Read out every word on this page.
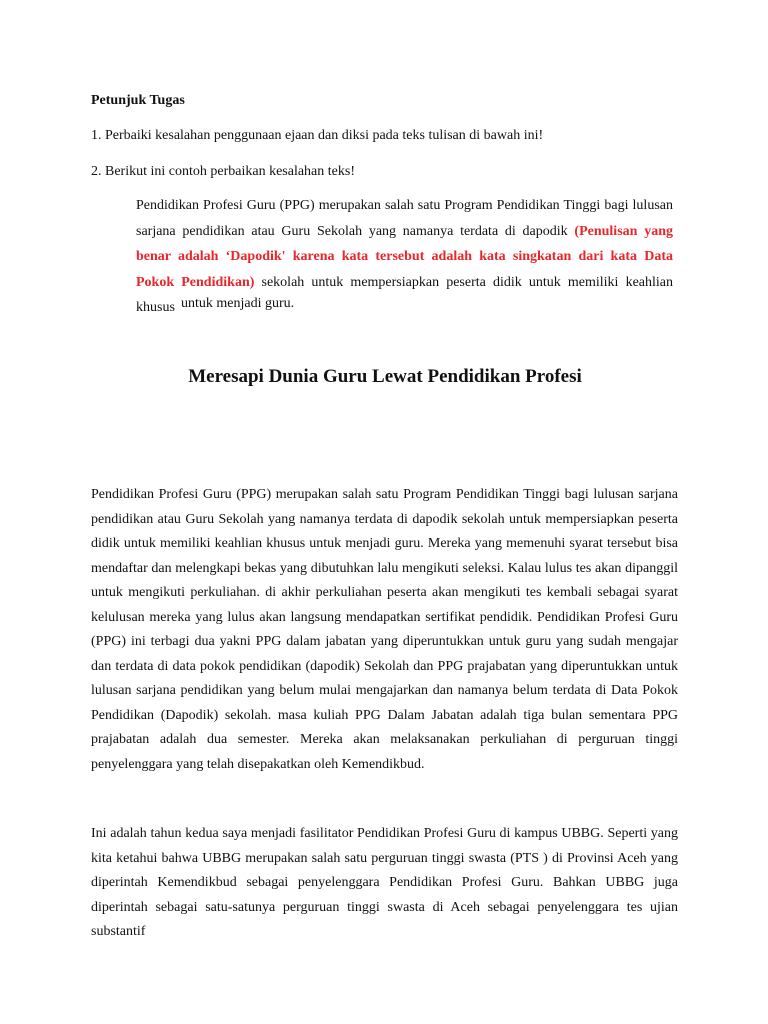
Petunjuk Tugas
1. Perbaiki kesalahan penggunaan ejaan dan diksi pada teks tulisan di bawah ini!
2. Berikut ini contoh perbaikan kesalahan teks!
Pendidikan Profesi Guru (PPG) merupakan salah satu Program Pendidikan Tinggi bagi lulusan sarjana pendidikan atau Guru Sekolah yang namanya terdata di dapodik (Penulisan yang benar adalah ‘Dapodik' karena kata tersebut adalah kata singkatan dari kata Data Pokok Pendidikan) sekolah untuk mempersiapkan peserta didik untuk memiliki keahlian khusus untuk menjadi guru.
Meresapi Dunia Guru Lewat Pendidikan Profesi
Pendidikan Profesi Guru (PPG) merupakan salah satu Program Pendidikan Tinggi bagi lulusan sarjana pendidikan atau Guru Sekolah yang namanya terdata di dapodik sekolah untuk mempersiapkan peserta didik untuk memiliki keahlian khusus untuk menjadi guru. Mereka yang memenuhi syarat tersebut bisa mendaftar dan melengkapi bekas yang dibutuhkan lalu mengikuti seleksi. Kalau lulus tes akan dipanggil untuk mengikuti perkuliahan. di akhir perkuliahan peserta akan mengikuti tes kembali sebagai syarat kelulusan mereka yang lulus akan langsung mendapatkan sertifikat pendidik. Pendidikan Profesi Guru (PPG) ini terbagi dua yakni PPG dalam jabatan yang diperuntukkan untuk guru yang sudah mengajar dan terdata di data pokok pendidikan (dapodik) Sekolah dan PPG prajabatan yang diperuntukkan untuk lulusan sarjana pendidikan yang belum mulai mengajarkan dan namanya belum terdata di Data Pokok Pendidikan (Dapodik) sekolah. masa kuliah PPG Dalam Jabatan adalah tiga bulan sementara PPG prajabatan adalah dua semester. Mereka akan melaksanakan perkuliahan di perguruan tinggi penyelenggara yang telah disepakatkan oleh Kemendikbud.
Ini adalah tahun kedua saya menjadi fasilitator Pendidikan Profesi Guru di kampus UBBG. Seperti yang kita ketahui bahwa UBBG merupakan salah satu perguruan tinggi swasta (PTS ) di Provinsi Aceh yang diperintah Kemendikbud sebagai penyelenggara Pendidikan Profesi Guru. Bahkan UBBG juga diperintah sebagai satu-satunya perguruan tinggi swasta di Aceh sebagai penyelenggara tes ujian substantif
